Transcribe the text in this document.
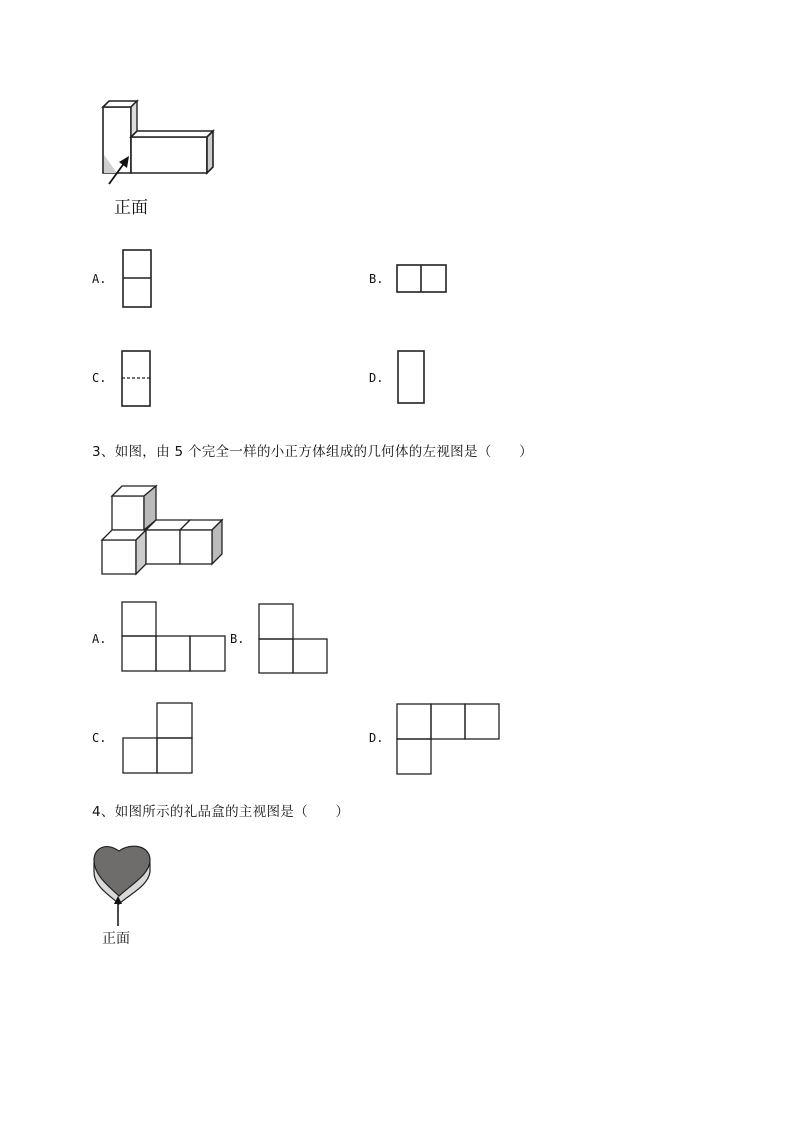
正面
A.	B.
C.	D.
3、如图，由 5 个完全一样的小正方体组成的几何体的左视图是（　　）
A.	B.
C.	D.
4、如图所示的礼品盒的主视图是（　　）
正面
